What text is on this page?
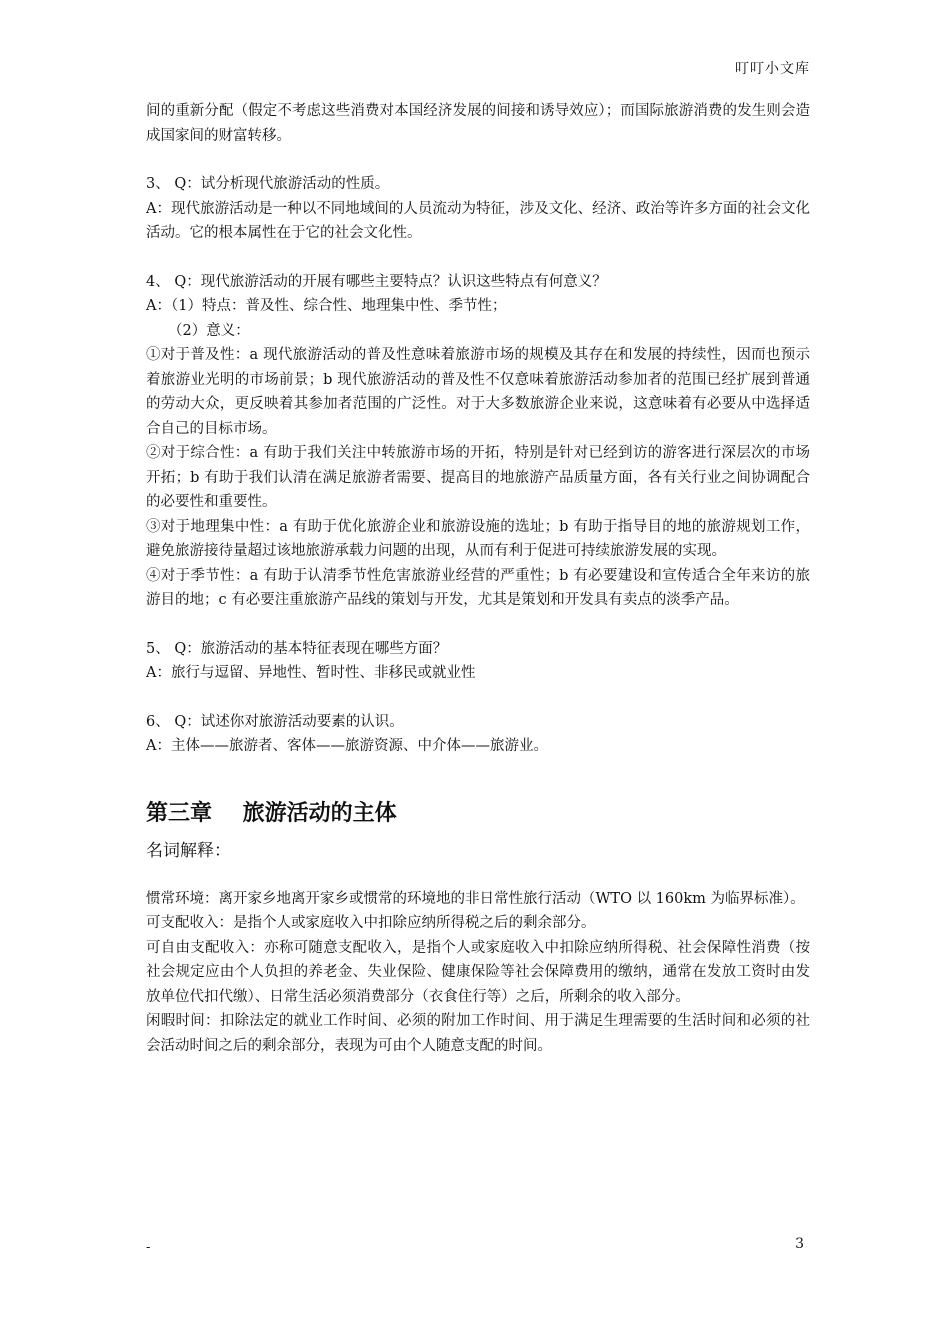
叮叮小文库

间的重新分配（假定不考虑这些消费对本国经济发展的间接和诱导效应）；而国际旅游消费的发生则会造成国家间的财富转移。

3、 Q：试分析现代旅游活动的性质。

A：现代旅游活动是一种以不同地域间的人员流动为特征，涉及文化、经济、政治等许多方面的社会文化活动。它的根本属性在于它的社会文化性。

4、 Q：现代旅游活动的开展有哪些主要特点？认识这些特点有何意义？

A：（1）特点：普及性、综合性、地理集中性、季节性；

（2）意义：

①对于普及性：a 现代旅游活动的普及性意味着旅游市场的规模及其存在和发展的持续性，因而也预示着旅游业光明的市场前景；b 现代旅游活动的普及性不仅意味着旅游活动参加者的范围已经扩展到普通的劳动大众，更反映着其参加者范围的广泛性。对于大多数旅游企业来说，这意味着有必要从中选择适合自己的目标市场。

②对于综合性：a 有助于我们关注中转旅游市场的开拓，特别是针对已经到访的游客进行深层次的市场开拓；b 有助于我们认清在满足旅游者需要、提高目的地旅游产品质量方面，各有关行业之间协调配合的必要性和重要性。

③对于地理集中性：a 有助于优化旅游企业和旅游设施的选址；b 有助于指导目的地的旅游规划工作，避免旅游接待量超过该地旅游承载力问题的出现，从而有利于促进可持续旅游发展的实现。

④对于季节性：a 有助于认清季节性危害旅游业经营的严重性；b 有必要建设和宣传适合全年来访的旅游目的地；c 有必要注重旅游产品线的策划与开发，尤其是策划和开发具有卖点的淡季产品。

5、 Q：旅游活动的基本特征表现在哪些方面？

A：旅行与逗留、异地性、暂时性、非移民或就业性

6、 Q：试述你对旅游活动要素的认识。

A：主体——旅游者、客体——旅游资源、中介体——旅游业。

第三章    旅游活动的主体

名词解释：

惯常环境：离开家乡地离开家乡或惯常的环境地的非日常性旅行活动（WTO 以 160km 为临界标准）。

可支配收入：是指个人或家庭收入中扣除应纳所得税之后的剩余部分。

可自由支配收入：亦称可随意支配收入，是指个人或家庭收入中扣除应纳所得税、社会保障性消费（按社会规定应由个人负担的养老金、失业保险、健康保险等社会保障费用的缴纳，通常在发放工资时由发放单位代扣代缴）、日常生活必须消费部分（衣食住行等）之后，所剩余的收入部分。

闲暇时间：扣除法定的就业工作时间、必须的附加工作时间、用于满足生理需要的生活时间和必须的社会活动时间之后的剩余部分，表现为可由个人随意支配的时间。

-	3
